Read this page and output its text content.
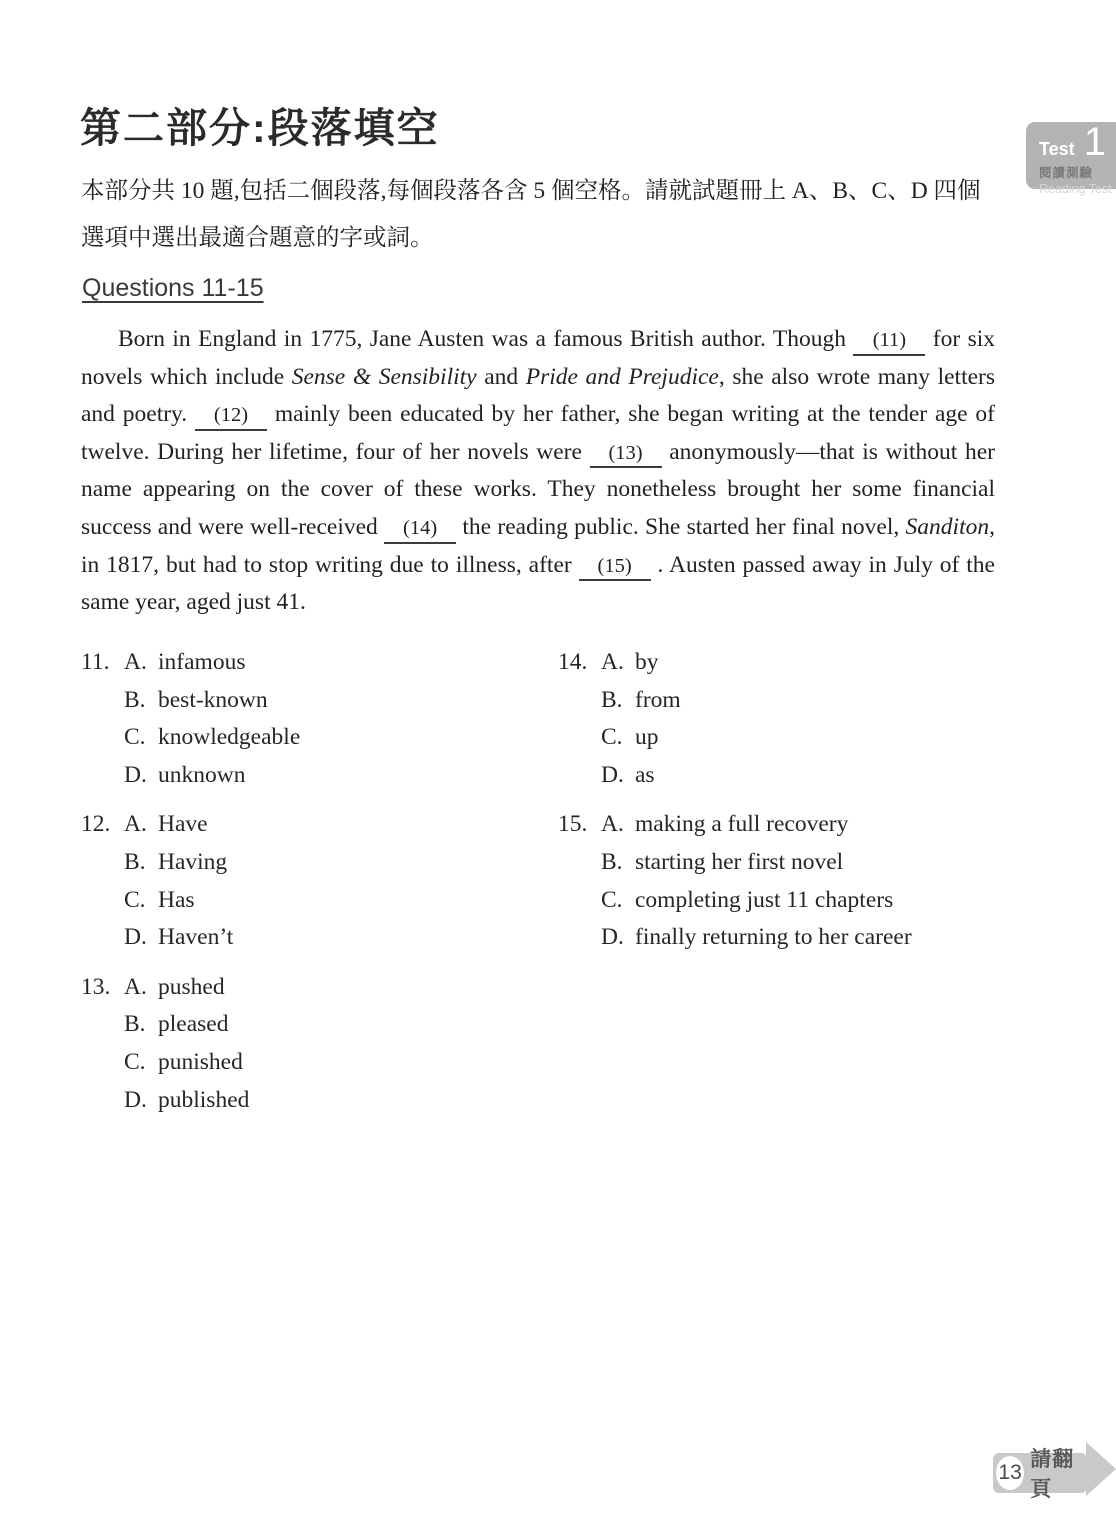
第二部分:段落填空	Test 1
閱讀測驗
Reading Test

本部分共 10 題,包括二個段落,每個段落各含 5 個空格。請就試題冊上 A、B、C、D 四個選項中選出最適合題意的字或詞。

Questions 11-15

Born in England in 1775, Jane Austen was a famous British author. Though (11) for six novels which include Sense & Sensibility and Pride and Prejudice, she also wrote many letters and poetry. (12) mainly been educated by her father, she began writing at the tender age of twelve. During her lifetime, four of her novels were (13) anonymously—that is without her name appearing on the cover of these works. They nonetheless brought her some financial success and were well-received (14) the reading public. She started her final novel, Sanditon, in 1817, but had to stop writing due to illness, after (15) . Austen passed away in July of the same year, aged just 41.

11. A. infamous
B. best-known
C. knowledgeable
D. unknown
12. A. Have
B. Having
C. Has
D. Haven’t
13. A. pushed
B. pleased
C. punished
D. published
14. A. by
B. from
C. up
D. as
15. A. making a full recovery
B. starting her first novel
C. completing just 11 chapters
D. finally returning to her career
13
請翻頁
